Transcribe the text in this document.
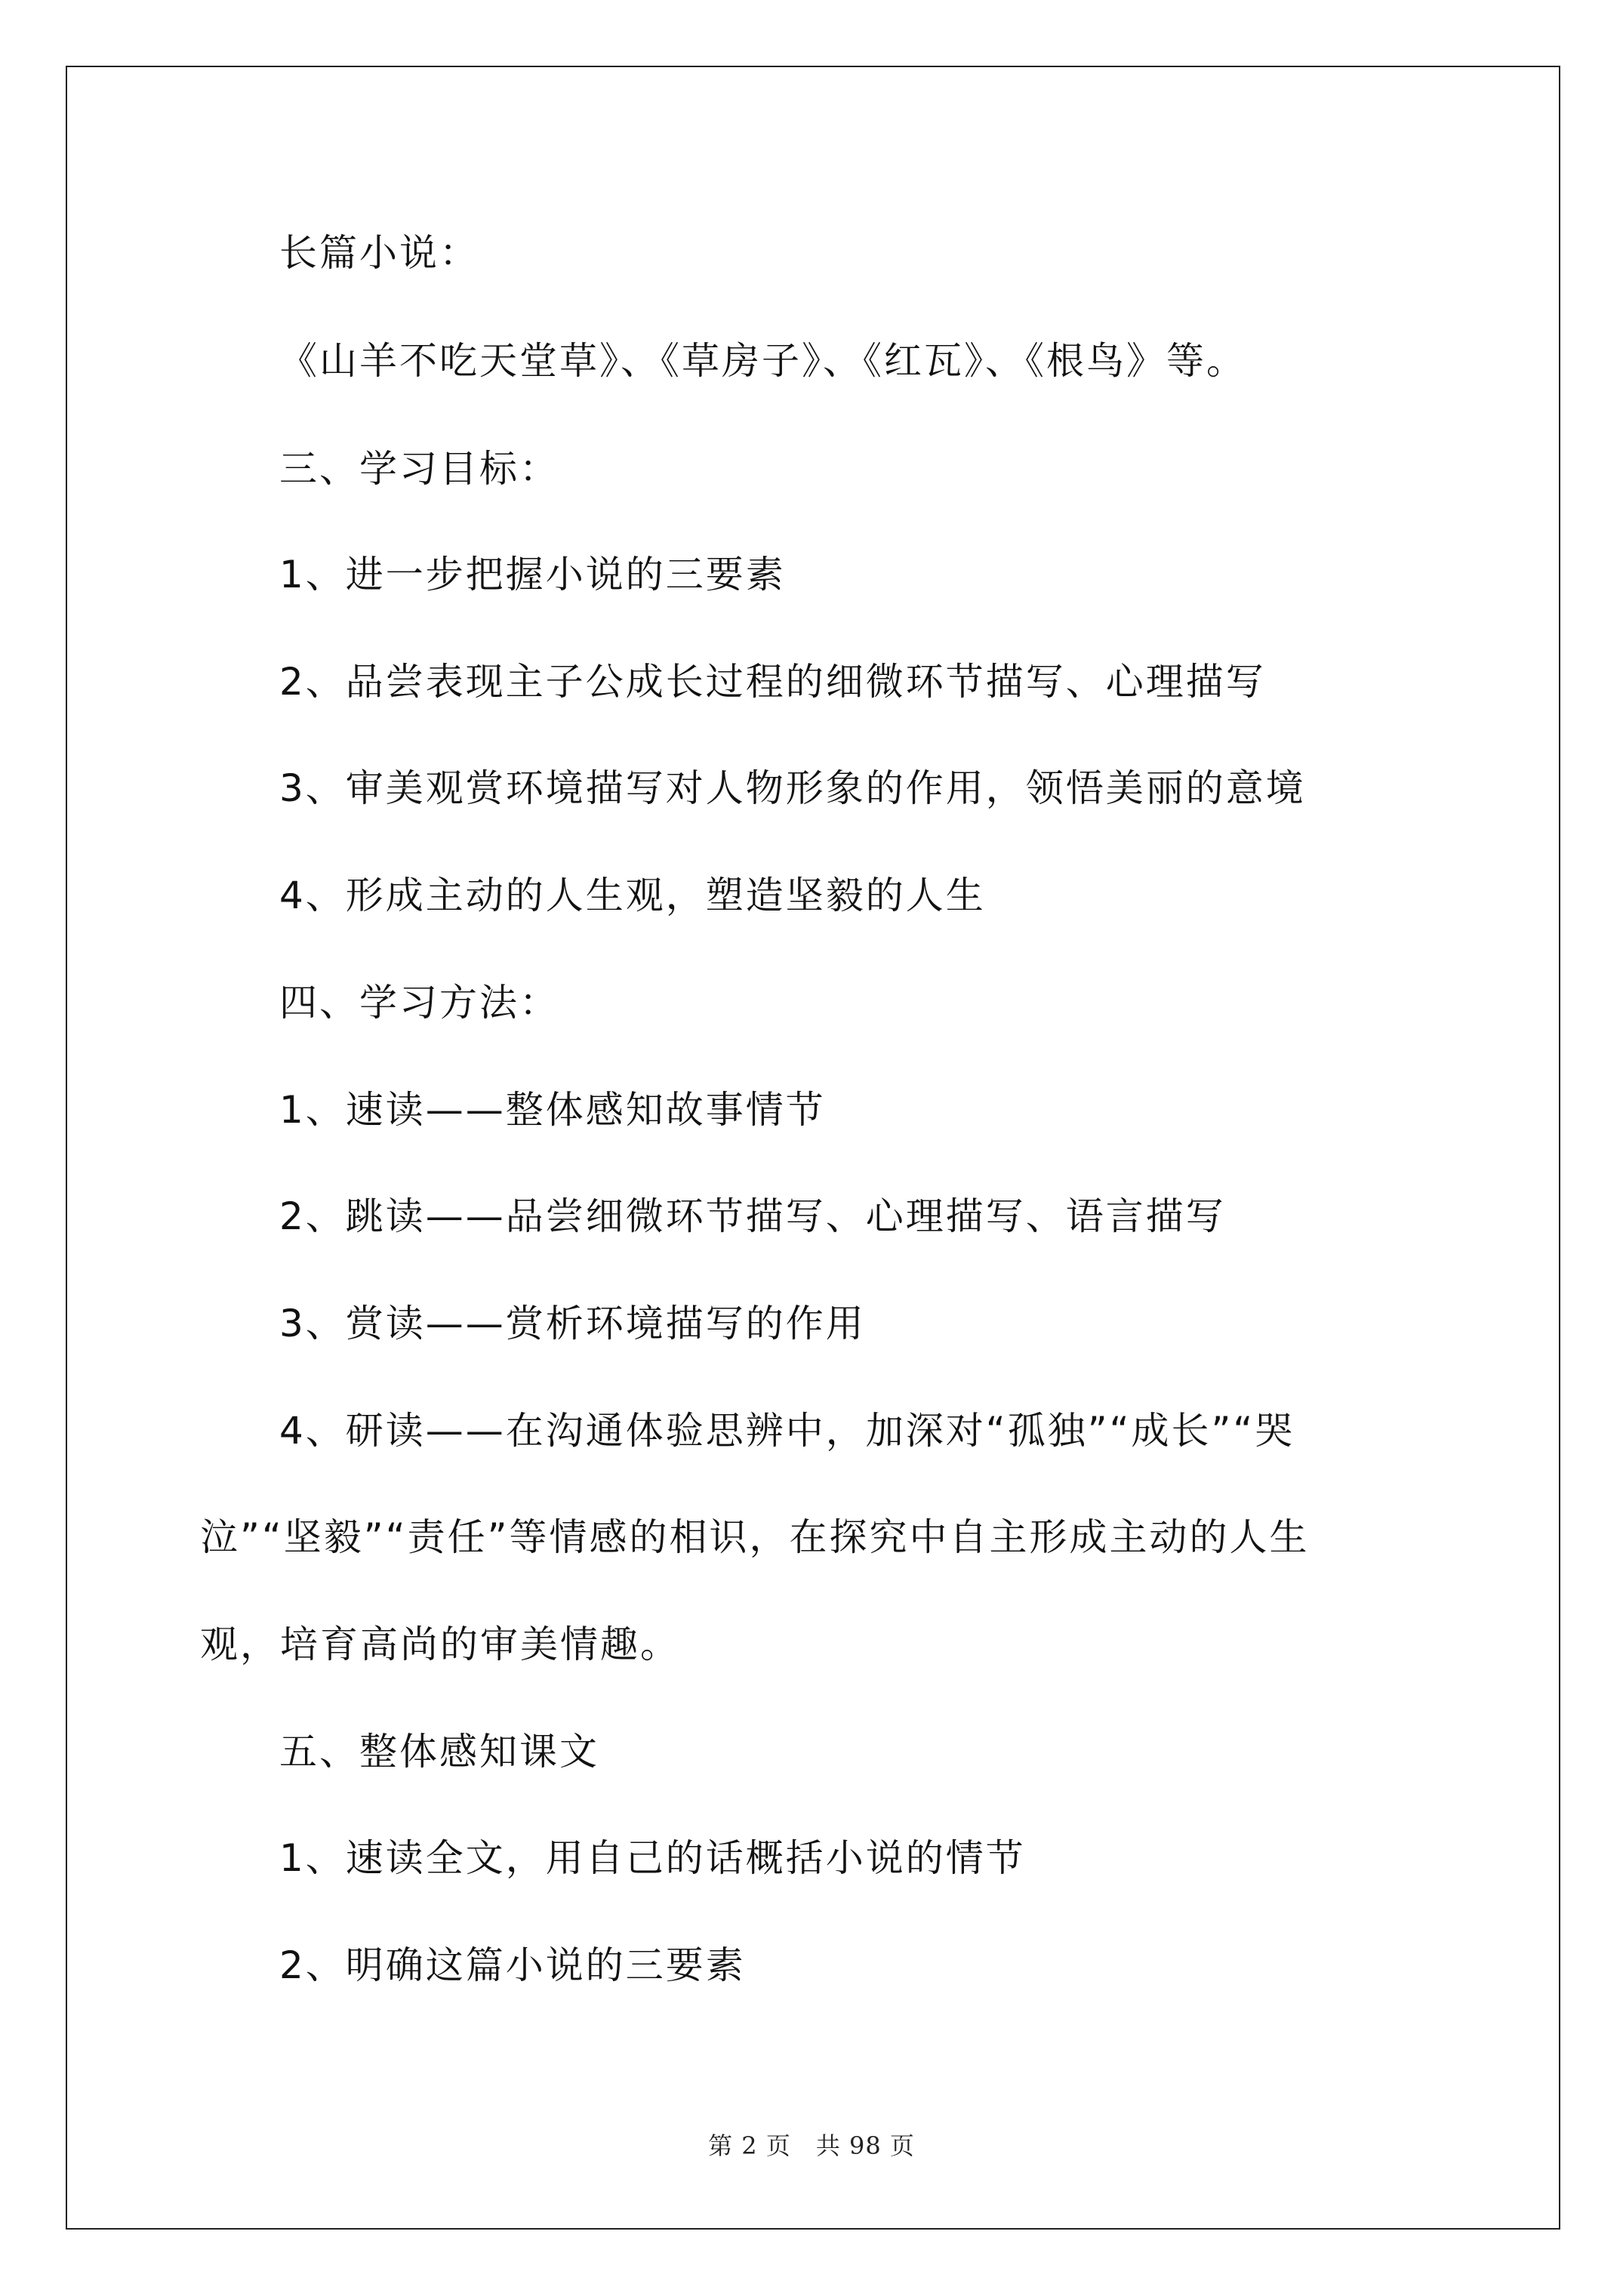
长篇小说：
《山羊不吃天堂草》、《草房子》、《红瓦》、《根鸟》等。
三、学习目标：
1、进一步把握小说的三要素
2、品尝表现主子公成长过程的细微环节描写、心理描写
3、审美观赏环境描写对人物形象的作用，领悟美丽的意境
4、形成主动的人生观，塑造坚毅的人生
四、学习方法：
1、速读——整体感知故事情节
2、跳读——品尝细微环节描写、心理描写、语言描写
3、赏读——赏析环境描写的作用
4、研读——在沟通体验思辨中，加深对“孤独”“成长”“哭
泣”“坚毅”“责任”等情感的相识，在探究中自主形成主动的人生
观，培育高尚的审美情趣。
五、整体感知课文
1、速读全文，用自己的话概括小说的情节
2、明确这篇小说的三要素
第 2 页　共 98 页
